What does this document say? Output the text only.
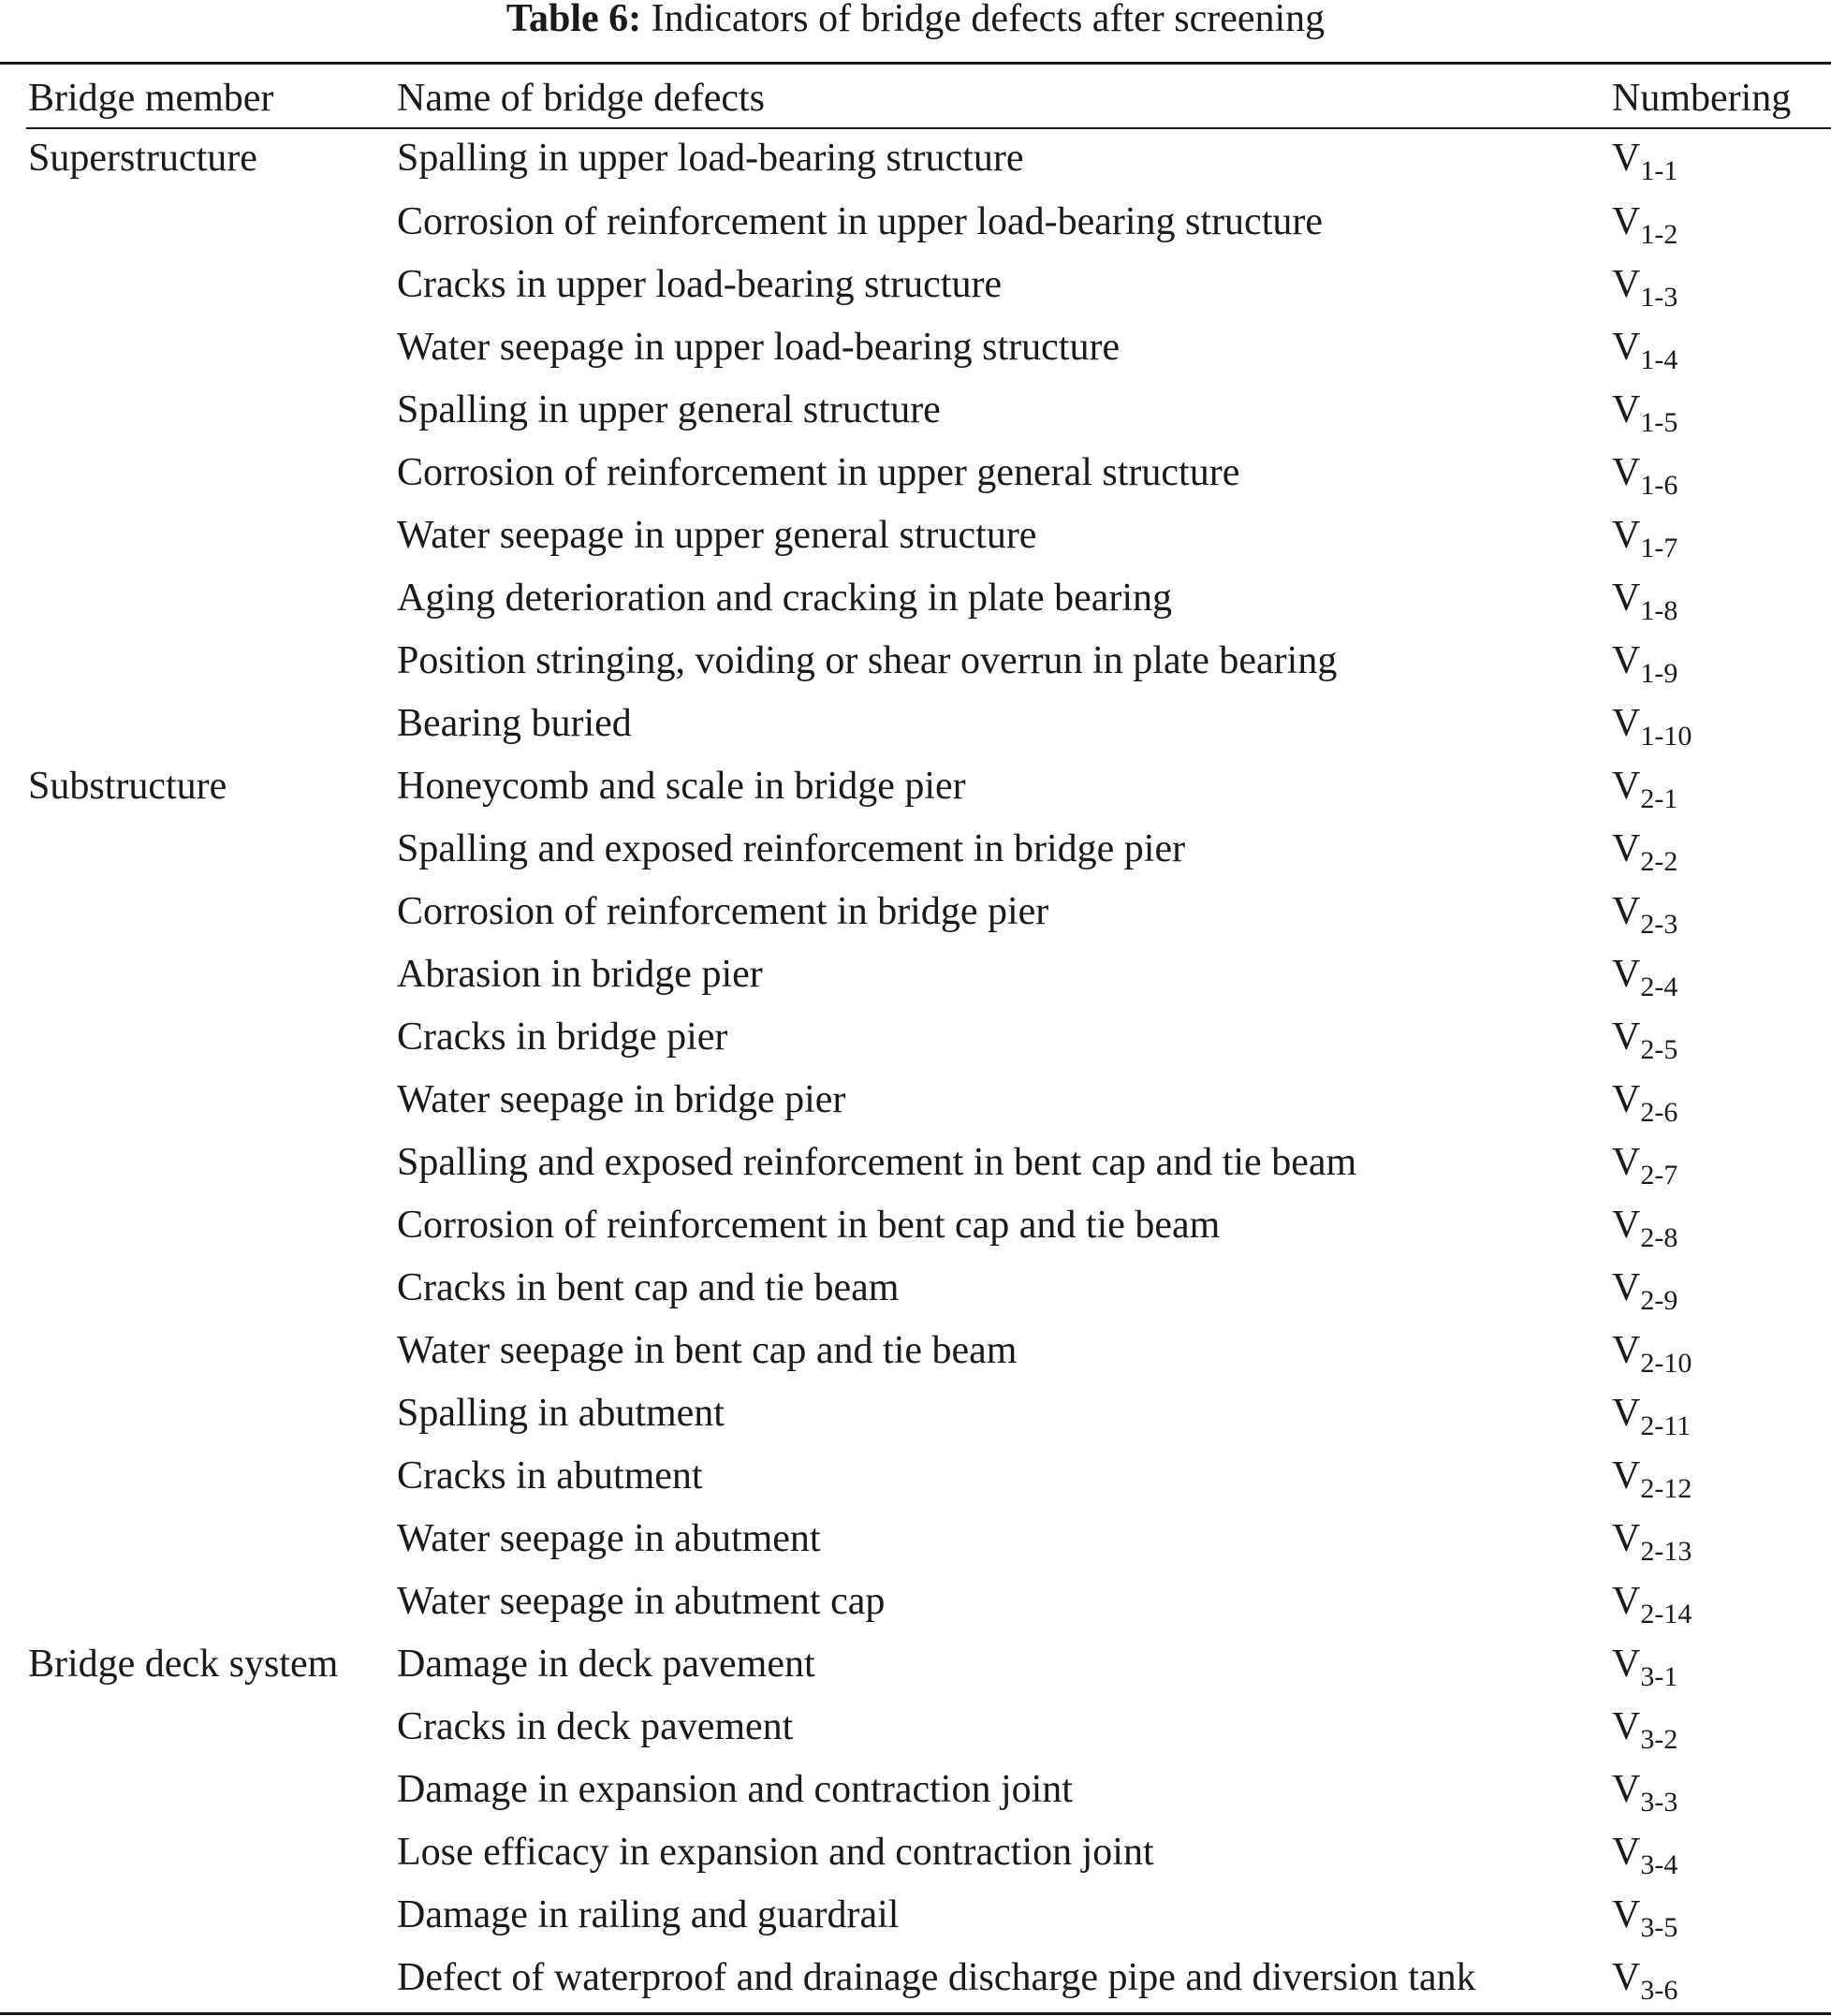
Table 6: Indicators of bridge defects after screening
Bridge member	Name of bridge defects	Numbering
Superstructure	Spalling in upper load-bearing structure	$V_{1-1}$
	Corrosion of reinforcement in upper load-bearing structure	$V_{1-2}$
	Cracks in upper load-bearing structure	$V_{1-3}$
	Water seepage in upper load-bearing structure	$V_{1-4}$
	Spalling in upper general structure	$V_{1-5}$
	Corrosion of reinforcement in upper general structure	$V_{1-6}$
	Water seepage in upper general structure	$V_{1-7}$
	Aging deterioration and cracking in plate bearing	$V_{1-8}$
	Position stringing, voiding or shear overrun in plate bearing	$V_{1-9}$
	Bearing buried	$V_{1-10}$
Substructure	Honeycomb and scale in bridge pier	$V_{2-1}$
	Spalling and exposed reinforcement in bridge pier	$V_{2-2}$
	Corrosion of reinforcement in bridge pier	$V_{2-3}$
	Abrasion in bridge pier	$V_{2-4}$
	Cracks in bridge pier	$V_{2-5}$
	Water seepage in bridge pier	$V_{2-6}$
	Spalling and exposed reinforcement in bent cap and tie beam	$V_{2-7}$
	Corrosion of reinforcement in bent cap and tie beam	$V_{2-8}$
	Cracks in bent cap and tie beam	$V_{2-9}$
	Water seepage in bent cap and tie beam	$V_{2-10}$
	Spalling in abutment	$V_{2-11}$
	Cracks in abutment	$V_{2-12}$
	Water seepage in abutment	$V_{2-13}$
	Water seepage in abutment cap	$V_{2-14}$
Bridge deck system	Damage in deck pavement	$V_{3-1}$
	Cracks in deck pavement	$V_{3-2}$
	Damage in expansion and contraction joint	$V_{3-3}$
	Lose efficacy in expansion and contraction joint	$V_{3-4}$
	Damage in railing and guardrail	$V_{3-5}$
	Defect of waterproof and drainage discharge pipe and diversion tank	$V_{3-6}$
